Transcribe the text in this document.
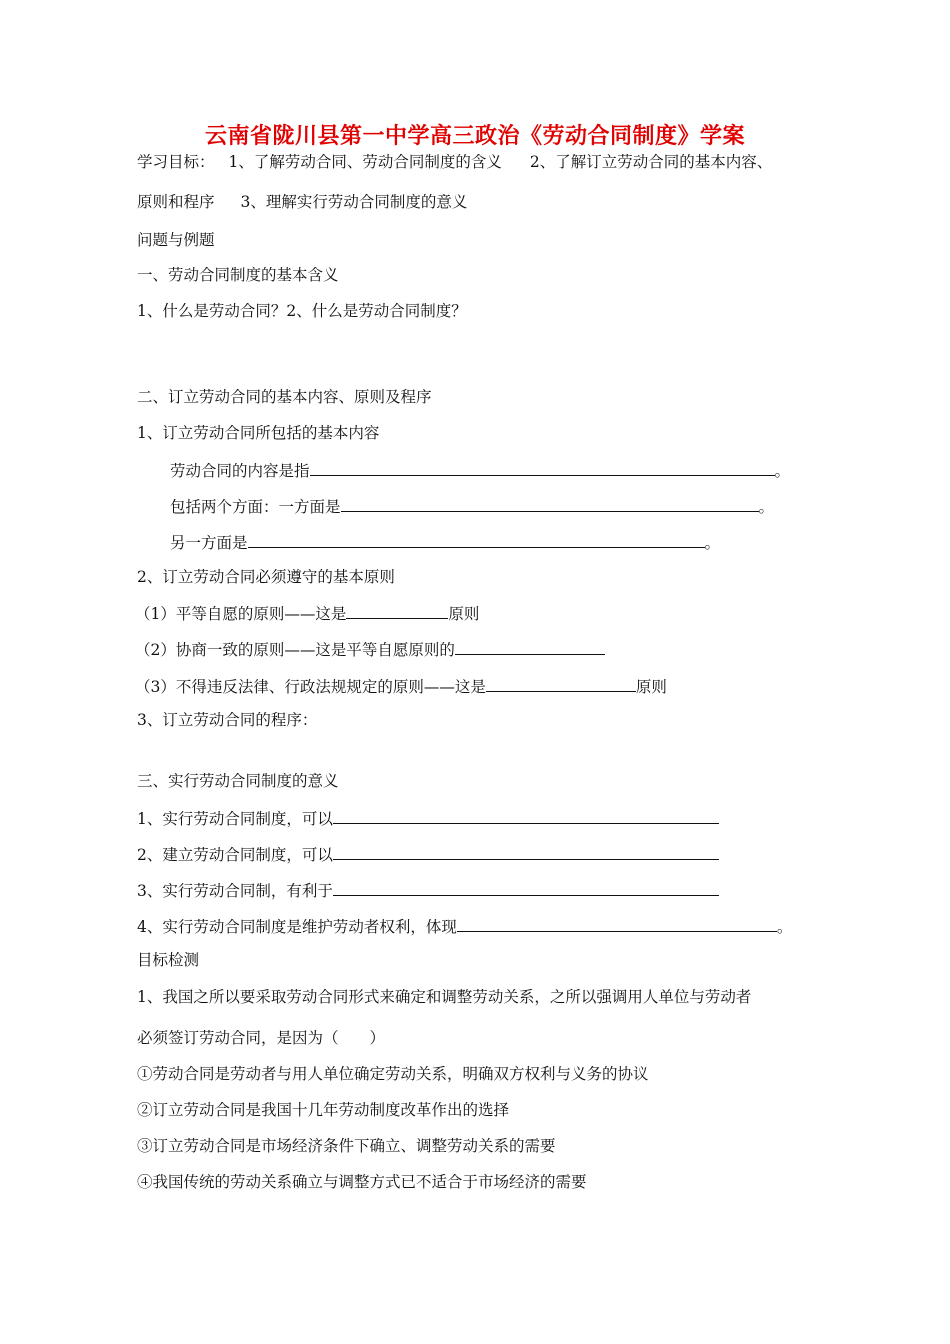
云南省陇川县第一中学高三政治《劳动合同制度》学案
学习目标： 1、了解劳动合同、劳动合同制度的含义 2、了解订立劳动合同的基本内容、
原则和程序 3、理解实行劳动合同制度的意义
问题与例题
一、劳动合同制度的基本含义
1、什么是劳动合同？2、什么是劳动合同制度？
二、订立劳动合同的基本内容、原则及程序
1、订立劳动合同所包括的基本内容
劳动合同的内容是指	。
包括两个方面：一方面是	。
另一方面是	。
2、订立劳动合同必须遵守的基本原则
（1）平等自愿的原则——这是	原则
（2）协商一致的原则——这是平等自愿原则的
（3）不得违反法律、行政法规规定的原则——这是	原则
3、订立劳动合同的程序：
三、实行劳动合同制度的意义
1、实行劳动合同制度，可以
2、建立劳动合同制度，可以
3、实行劳动合同制，有利于
4、实行劳动合同制度是维护劳动者权利，体现	。
目标检测
1、我国之所以要采取劳动合同形式来确定和调整劳动关系，之所以强调用人单位与劳动者
必须签订劳动合同，是因为（　　）
①劳动合同是劳动者与用人单位确定劳动关系，明确双方权利与义务的协议
②订立劳动合同是我国十几年劳动制度改革作出的选择
③订立劳动合同是市场经济条件下确立、调整劳动关系的需要
④我国传统的劳动关系确立与调整方式已不适合于市场经济的需要
